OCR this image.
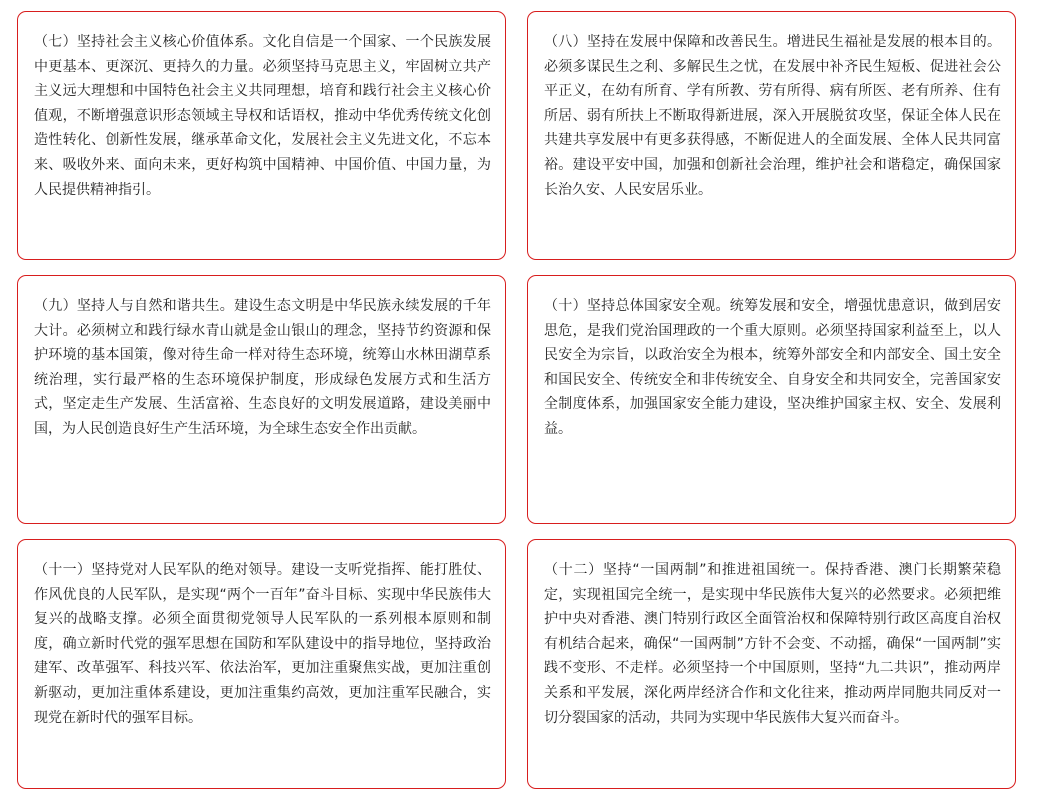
（七）坚持社会主义核心价值体系。文化自信是一个国家、一个民族发展中更基本、更深沉、更持久的力量。必须坚持马克思主义，牢固树立共产主义远大理想和中国特色社会主义共同理想，培育和践行社会主义核心价值观，不断增强意识形态领域主导权和话语权，推动中华优秀传统文化创造性转化、创新性发展，继承革命文化，发展社会主义先进文化，不忘本来、吸收外来、面向未来，更好构筑中国精神、中国价值、中国力量，为人民提供精神指引。

（八）坚持在发展中保障和改善民生。增进民生福祉是发展的根本目的。必须多谋民生之利、多解民生之忧，在发展中补齐民生短板、促进社会公平正义，在幼有所育、学有所教、劳有所得、病有所医、老有所养、住有所居、弱有所扶上不断取得新进展，深入开展脱贫攻坚，保证全体人民在共建共享发展中有更多获得感，不断促进人的全面发展、全体人民共同富裕。建设平安中国，加强和创新社会治理，维护社会和谐稳定，确保国家长治久安、人民安居乐业。

（九）坚持人与自然和谐共生。建设生态文明是中华民族永续发展的千年大计。必须树立和践行绿水青山就是金山银山的理念，坚持节约资源和保护环境的基本国策，像对待生命一样对待生态环境，统筹山水林田湖草系统治理，实行最严格的生态环境保护制度，形成绿色发展方式和生活方式，坚定走生产发展、生活富裕、生态良好的文明发展道路，建设美丽中国，为人民创造良好生产生活环境，为全球生态安全作出贡献。

（十）坚持总体国家安全观。统筹发展和安全，增强忧患意识，做到居安思危，是我们党治国理政的一个重大原则。必须坚持国家利益至上，以人民安全为宗旨，以政治安全为根本，统筹外部安全和内部安全、国土安全和国民安全、传统安全和非传统安全、自身安全和共同安全，完善国家安全制度体系，加强国家安全能力建设，坚决维护国家主权、安全、发展利益。

（十一）坚持党对人民军队的绝对领导。建设一支听党指挥、能打胜仗、作风优良的人民军队，是实现“两个一百年”奋斗目标、实现中华民族伟大复兴的战略支撑。必须全面贯彻党领导人民军队的一系列根本原则和制度，确立新时代党的强军思想在国防和军队建设中的指导地位，坚持政治建军、改革强军、科技兴军、依法治军，更加注重聚焦实战，更加注重创新驱动，更加注重体系建设，更加注重集约高效，更加注重军民融合，实现党在新时代的强军目标。

（十二）坚持“一国两制”和推进祖国统一。保持香港、澳门长期繁荣稳定，实现祖国完全统一，是实现中华民族伟大复兴的必然要求。必须把维护中央对香港、澳门特别行政区全面管治权和保障特别行政区高度自治权有机结合起来，确保“一国两制”方针不会变、不动摇，确保“一国两制”实践不变形、不走样。必须坚持一个中国原则，坚持“九二共识”，推动两岸关系和平发展，深化两岸经济合作和文化往来，推动两岸同胞共同反对一切分裂国家的活动，共同为实现中华民族伟大复兴而奋斗。
